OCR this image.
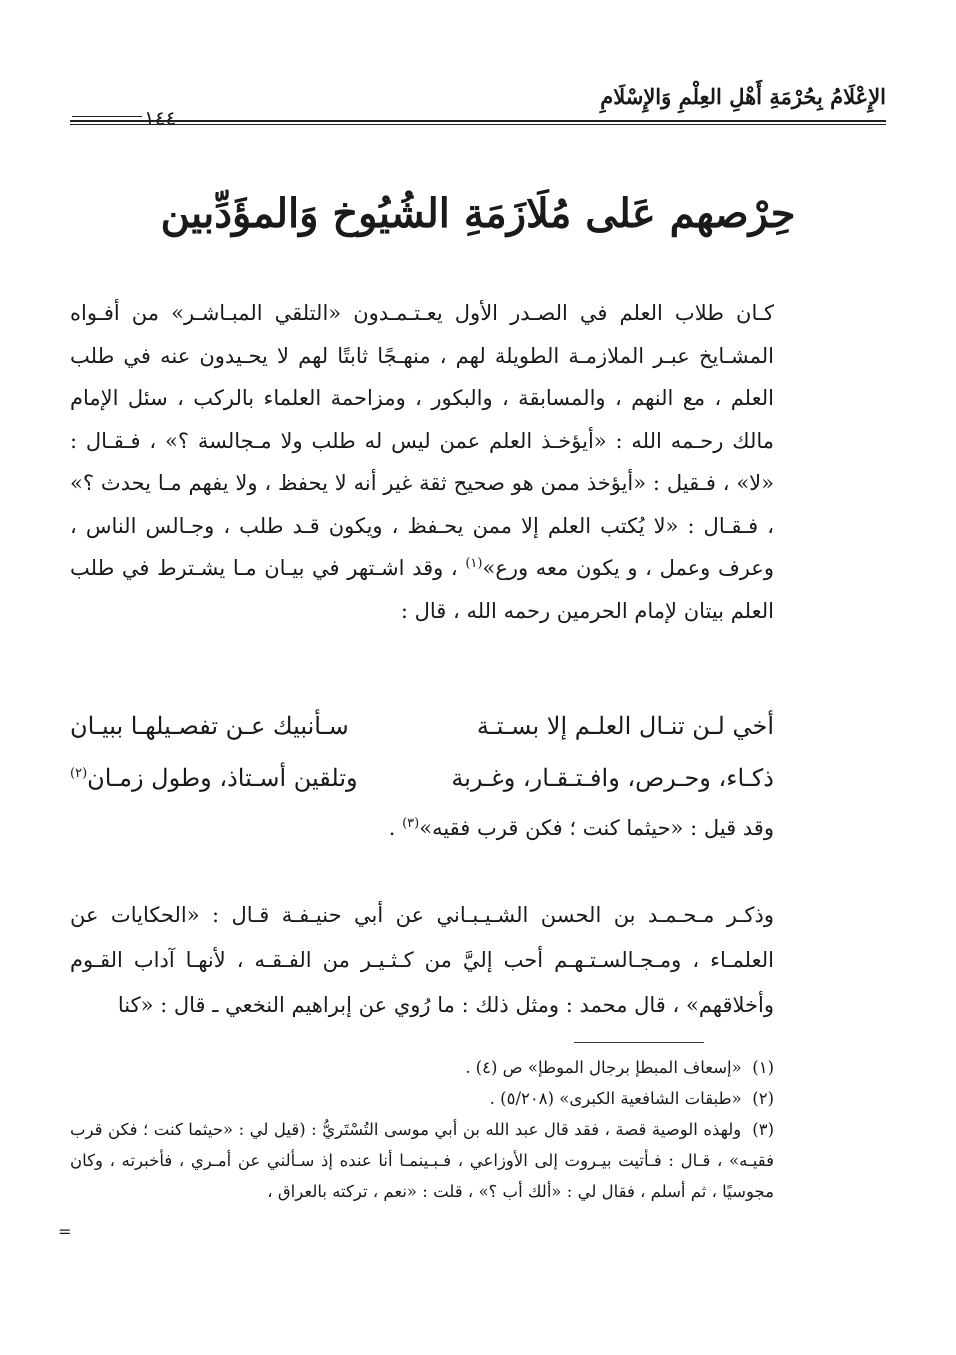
الإِعْلَامُ بِحُرْمَةِ أَهْلِ العِلْمِ وَالإِسْلَامِ
١٤٤
حِرْصهم عَلى مُلَازَمَةِ الشُيُوخ وَالمؤَدِّبين

كـان طلاب العلم في الصـدر الأول يعـتـمـدون «التلقي المبـاشـر» من أفـواه المشـايخ عبـر الملازمـة الطويلة لهم ، منهـجًا ثابتًا لهم لا يحـيدون عنه في طلب العلم ، مع النهم ، والمسابقة ، والبكور ، ومزاحمة العلماء بالركب ، سئل الإمام مالك رحـمه الله : «أيؤخـذ العلم عمن ليس له طلب ولا مـجالسة ؟» ، فـقـال : «لا» ، فـقيل : «أيؤخذ ممن هو صحيح ثقة غير أنه لا يحفظ ، ولا يفهم مـا يحدث ؟» ، فـقـال : «لا يُكتب العلم إلا ممن يحـفظ ، ويكون قـد طلب ، وجـالس الناس ، وعرف وعمل ، و يكون معه ورع»$^{(١)}$ ، وقد اشـتهر في بيـان مـا يشـترط في طلب العلم بيتان لإمام الحرمين رحمه الله ، قال :

أخي لـن تنـال العلـم إلا بسـتـة
سـأنبيك عـن تفصـيلهـا ببيـان
ذكـاء، وحـرص، وافـتـقـار، وغـربة
وتلقين أسـتاذ، وطول زمـان$^{(٢)}$
وقد قيل : «حيثما كنت ؛ فكن قرب فقيه»$^{(٣)}$ .

وذكـر مـحـمـد بن الحسن الشـيـبـاني عن أبي حنيـفـة قـال : «الحكايات عن العلمـاء ، ومـجـالسـتـهـم أحب إليَّ من كـثـيـر من الفـقـه ، لأنهـا آداب القـوم وأخلاقهم» ، قال محمد : ومثل ذلك : ما رُوي عن إبراهيم النخعي ـ قال : «كنا

(١)  «إسعاف المبطإ برجال الموطإ» ص (٤) .

(٢)  «طبقات الشافعية الكبرى» (٥/٢٠٨) .

(٣)  ولهذه الوصية قصة ، فقد قال عبد الله بن أبي موسى التُسْتَريُّ : (قيل لي : «حيثما كنت ؛ فكن قرب فقيـه» ، قـال : فـأتيت بيـروت إلى الأوزاعي ، فـبـينمـا أنا عنده إذ سـألني عن أمـري ، فأخبرته ، وكان مجوسيًا ، ثم أسلم ، فقال لي : «ألك أب ؟» ، قلت : «نعم ، تركته بالعراق ،

=
